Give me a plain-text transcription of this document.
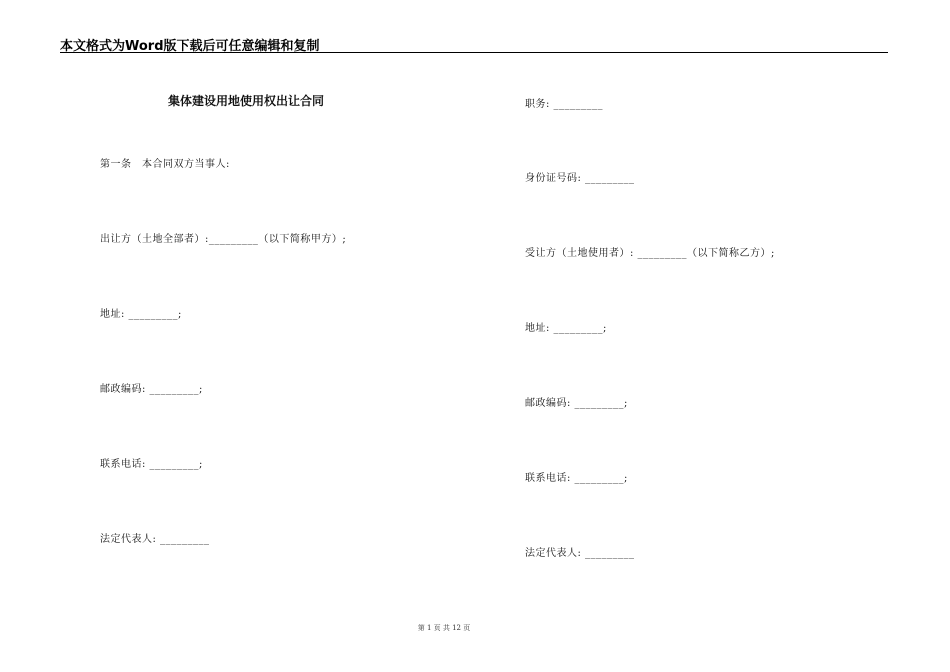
本文格式为Word版下载后可任意编辑和复制
集体建设用地使用权出让合同
第一条　本合同双方当事人:
出让方（土地全部者）:_________（以下简称甲方）;
地址: _________;
邮政编码: _________;
联系电话: _________;
法定代表人: _________
职务: _________
身份证号码: _________
受让方（土地使用者）: _________（以下简称乙方）;
地址: _________;
邮政编码: _________;
联系电话: _________;
法定代表人: _________
第 1 页 共 12 页
